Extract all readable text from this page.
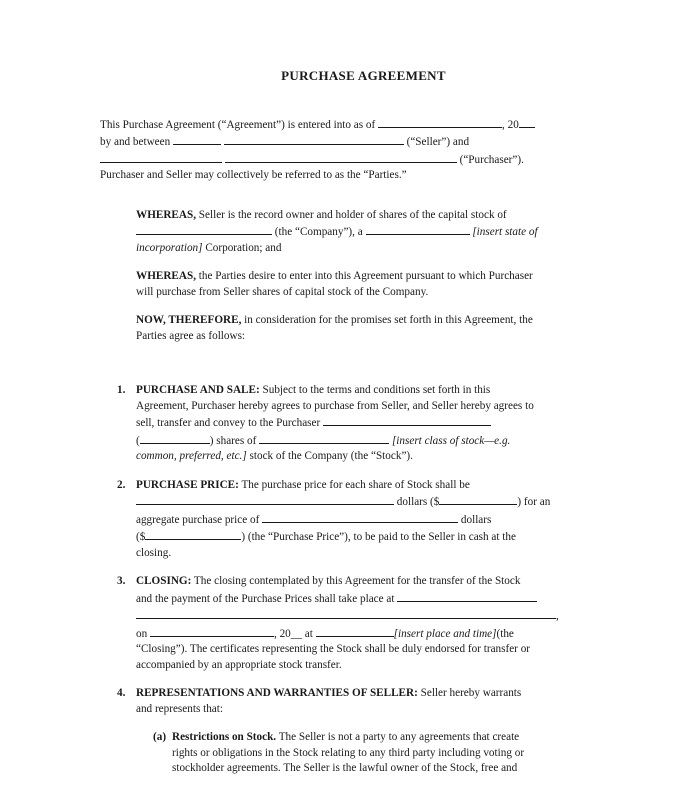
PURCHASE AGREEMENT
This Purchase Agreement (“Agreement”) is entered into as of	, 20
by and between	(“Seller”) and
(“Purchaser”).
Purchaser and Seller may collectively be referred to as the “Parties.”
WHEREAS, Seller is the record owner and holder of shares of the capital stock of
(the “Company”), a	[insert state of
incorporation] Corporation; and
WHEREAS, the Parties desire to enter into this Agreement pursuant to which Purchaser
will purchase from Seller shares of capital stock of the Company.
NOW, THEREFORE, in consideration for the promises set forth in this Agreement, the
Parties agree as follows:
1. PURCHASE AND SALE: Subject to the terms and conditions set forth in this
Agreement, Purchaser hereby agrees to purchase from Seller, and Seller hereby agrees to
sell, transfer and convey to the Purchaser
(	) shares of	[insert class of stock—e.g.
common, preferred, etc.] stock of the Company (the “Stock”).
2. PURCHASE PRICE: The purchase price for each share of Stock shall be
dollars ($	) for an
aggregate purchase price of	dollars
($	) (the “Purchase Price”), to be paid to the Seller in cash at the
closing.
3. CLOSING: The closing contemplated by this Agreement for the transfer of the Stock
and the payment of the Purchase Prices shall take place at
,
on	, 20__ at	[insert place and time](the
“Closing”). The certificates representing the Stock shall be duly endorsed for transfer or
accompanied by an appropriate stock transfer.
4. REPRESENTATIONS AND WARRANTIES OF SELLER: Seller hereby warrants
and represents that:
(a) Restrictions on Stock. The Seller is not a party to any agreements that create
rights or obligations in the Stock relating to any third party including voting or
stockholder agreements. The Seller is the lawful owner of the Stock, free and
